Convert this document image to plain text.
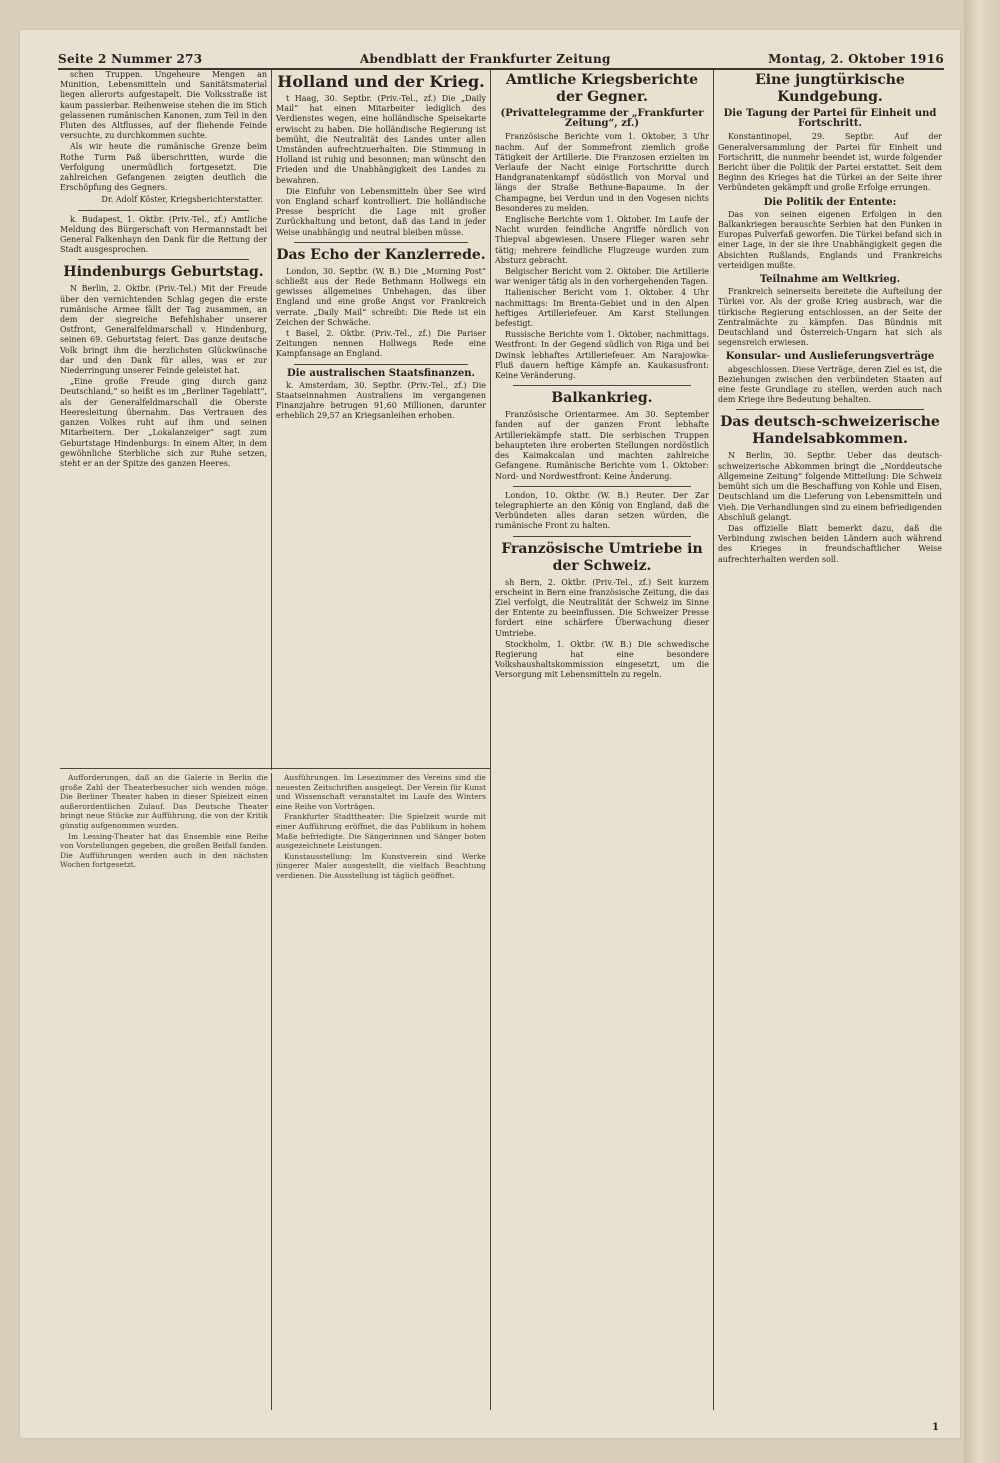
Seite 2 Nummer 273	Abendblatt der Frankfurter Zeitung	Montag, 2. Oktober 1916

schen Truppen. Ungeheure Mengen an Munition, Lebensmitteln und Sanitätsmaterial liegen allerorts aufgestapelt. Die Volksstraße ist kaum passierbar. Reihenweise stehen die im Stich gelassenen rumänischen Kanonen, zum Teil in den Fluten des Altflusses, auf der fliehende Feinde versuchte, zu durchkommen suchte.

Als wir heute die rumänische Grenze beim Rothe Turm Paß überschritten, wurde die Verfolgung unermüdlich fortgesetzt. Die zahlreichen Gefangenen zeigten deutlich die Erschöpfung des Gegners.

Dr. Adolf Köster, Kriegsberichterstatter.

k. Budapest, 1. Oktbr. (Priv.-Tel., zf.) Amtliche Meldung des Bürgerschaft von Hermannstadt bei General Falkenhayn den Dank für die Rettung der Stadt ausgesprochen.

Hindenburgs Geburtstag.

N Berlin, 2. Oktbr. (Priv.-Tel.) Mit der Freude über den vernichtenden Schlag gegen die erste rumänische Armee fällt der Tag zusammen, an dem der siegreiche Befehlshaber unserer Ostfront, Generalfeldmarschall v. Hindenburg, seinen 69. Geburtstag feiert. Das ganze deutsche Volk bringt ihm die herzlichsten Glückwünsche dar und den Dank für alles, was er zur Niederringung unserer Feinde geleistet hat.

„Eine große Freude ging durch ganz Deutschland,“ so heißt es im „Berliner Tageblatt“, als der Generalfeldmarschall die Oberste Heeresleitung übernahm. Das Vertrauen des ganzen Volkes ruht auf ihm und seinen Mitarbeitern. Der „Lokalanzeiger“ sagt zum Geburtstage Hindenburgs: In einem Alter, in dem gewöhnliche Sterbliche sich zur Ruhe setzen, steht er an der Spitze des ganzen Heeres.

Holland und der Krieg.

t Haag, 30. Septbr. (Priv.-Tel., zf.) Die „Daily Mail“ hat einen Mitarbeiter lediglich des Verdienstes wegen, eine holländische Speisekarte erwischt zu haben. Die holländische Regierung ist bemüht, die Neutralität des Landes unter allen Umständen aufrechtzuerhalten. Die Stimmung in Holland ist ruhig und besonnen; man wünscht den Frieden und die Unabhängigkeit des Landes zu bewahren.

Die Einfuhr von Lebensmitteln über See wird von England scharf kontrolliert. Die holländische Presse bespricht die Lage mit großer Zurückhaltung und betont, daß das Land in jeder Weise unabhängig und neutral bleiben müsse.

Das Echo der Kanzlerrede.

London, 30. Septbr. (W. B.) Die „Morning Post“ schließt aus der Rede Bethmann Hollwegs ein gewisses allgemeines Unbehagen, das über England und eine große Angst vor Frankreich verrate. „Daily Mail“ schreibt: Die Rede ist ein Zeichen der Schwäche.

t Basel, 2. Oktbr. (Priv.-Tel., zf.) Die Pariser Zeitungen nennen Hollwegs Rede eine Kampfansage an England.

Die australischen Staatsfinanzen.

k. Amsterdam, 30. Septbr. (Priv.-Tel., zf.) Die Staatseinnahmen Australiens im vergangenen Finanzjahre betrugen 91,60 Millionen, darunter erheblich 29,57 an Kriegsanleihen erhoben.

Amtliche Kriegsberichte der Gegner.
(Privattelegramme der „Frankfurter Zeitung“, zf.)

Französische Berichte vom 1. Oktober, 3 Uhr nachm. Auf der Sommefront ziemlich große Tätigkeit der Artillerie. Die Franzosen erzielten im Verlaufe der Nacht einige Fortschritte durch Handgranatenkampf südöstlich von Morval und längs der Straße Bethune-Bapaume. In der Champagne, bei Verdun und in den Vogesen nichts Besonderes zu melden.

Englische Berichte vom 1. Oktober. Im Laufe der Nacht wurden feindliche Angriffe nördlich von Thiepval abgewiesen. Unsere Flieger waren sehr tätig; mehrere feindliche Flugzeuge wurden zum Absturz gebracht.

Belgischer Bericht vom 2. Oktober. Die Artillerie war weniger tätig als in den vorhergehenden Tagen.

Italienischer Bericht vom 1. Oktober. 4 Uhr nachmittags: Im Brenta-Gebiet und in den Alpen heftiges Artilleriefeuer. Am Karst Stellungen befestigt.

Russische Berichte vom 1. Oktober, nachmittags. Westfront: In der Gegend südlich von Riga und bei Dwinsk lebhaftes Artilleriefeuer. Am Narajowka-Fluß dauern heftige Kämpfe an. Kaukasusfront: Keine Veränderung.

Balkankrieg.

Französische Orientarmee. Am 30. September fanden auf der ganzen Front lebhafte Artilleriekämpfe statt. Die serbischen Truppen behaupteten ihre eroberten Stellungen nordöstlich des Kaimakcalan und machten zahlreiche Gefangene. Rumänische Berichte vom 1. Oktober: Nord- und Nordwestfront: Keine Änderung.

London, 10. Oktbr. (W. B.) Reuter. Der Zar telegraphierte an den König von England, daß die Verbündeten alles daran setzen würden, die rumänische Front zu halten.

Französische Umtriebe in der Schweiz.

sh Bern, 2. Oktbr. (Priv.-Tel., zf.) Seit kurzem erscheint in Bern eine französische Zeitung, die das Ziel verfolgt, die Neutralität der Schweiz im Sinne der Entente zu beeinflussen. Die Schweizer Presse fordert eine schärfere Überwachung dieser Umtriebe.

Stockholm, 1. Oktbr. (W. B.) Die schwedische Regierung hat eine besondere Volkshaushaltskommission eingesetzt, um die Versorgung mit Lebensmitteln zu regeln.

Eine jungtürkische Kundgebung.
Die Tagung der Partei für Einheit und Fortschritt.

Konstantinopel, 29. Septbr. Auf der Generalversammlung der Partei für Einheit und Fortschritt, die nunmehr beendet ist, wurde folgender Bericht über die Politik der Partei erstattet. Seit dem Beginn des Krieges hat die Türkei an der Seite ihrer Verbündeten gekämpft und große Erfolge errungen.

Die Politik der Entente:

Das von seinen eigenen Erfolgen in den Balkankriegen berauschte Serbien hat den Funken in Europas Pulverfaß geworfen. Die Türkei befand sich in einer Lage, in der sie ihre Unabhängigkeit gegen die Absichten Rußlands, Englands und Frankreichs verteidigen mußte.

Teilnahme am Weltkrieg.

Frankreich seinerseits bereitete die Aufteilung der Türkei vor. Als der große Krieg ausbrach, war die türkische Regierung entschlossen, an der Seite der Zentralmächte zu kämpfen. Das Bündnis mit Deutschland und Österreich-Ungarn hat sich als segensreich erwiesen.

Konsular- und Auslieferungsverträge

abgeschlossen. Diese Verträge, deren Ziel es ist, die Beziehungen zwischen den verbündeten Staaten auf eine feste Grundlage zu stellen, werden auch nach dem Kriege ihre Bedeutung behalten.

Das deutsch-schweizerische Handelsabkommen.

N Berlin, 30. Septbr. Ueber das deutsch-schweizerische Abkommen bringt die „Norddeutsche Allgemeine Zeitung“ folgende Mitteilung: Die Schweiz bemüht sich um die Beschaffung von Kohle und Eisen, Deutschland um die Lieferung von Lebensmitteln und Vieh. Die Verhandlungen sind zu einem befriedigenden Abschluß gelangt.

Das offizielle Blatt bemerkt dazu, daß die Verbindung zwischen beiden Ländern auch während des Krieges in freundschaftlicher Weise aufrechterhalten werden soll.

Aufforderungen, daß an die Galerie in Berlin die große Zahl der Theaterbesucher sich wenden möge. Die Berliner Theater haben in dieser Spielzeit einen außerordentlichen Zulauf. Das Deutsche Theater bringt neue Stücke zur Aufführung, die von der Kritik günstig aufgenommen wurden.

Im Lessing-Theater hat das Ensemble eine Reihe von Vorstellungen gegeben, die großen Beifall fanden. Die Aufführungen werden auch in den nächsten Wochen fortgesetzt.

Ausführungen. Im Lesezimmer des Vereins sind die neuesten Zeitschriften ausgelegt. Der Verein für Kunst und Wissenschaft veranstaltet im Laufe des Winters eine Reihe von Vorträgen.

Frankfurter Stadttheater: Die Spielzeit wurde mit einer Aufführung eröffnet, die das Publikum in hohem Maße befriedigte. Die Sängerinnen und Sänger boten ausgezeichnete Leistungen.

Kunstausstellung: Im Kunstverein sind Werke jüngerer Maler ausgestellt, die vielfach Beachtung verdienen. Die Ausstellung ist täglich geöffnet.

1
